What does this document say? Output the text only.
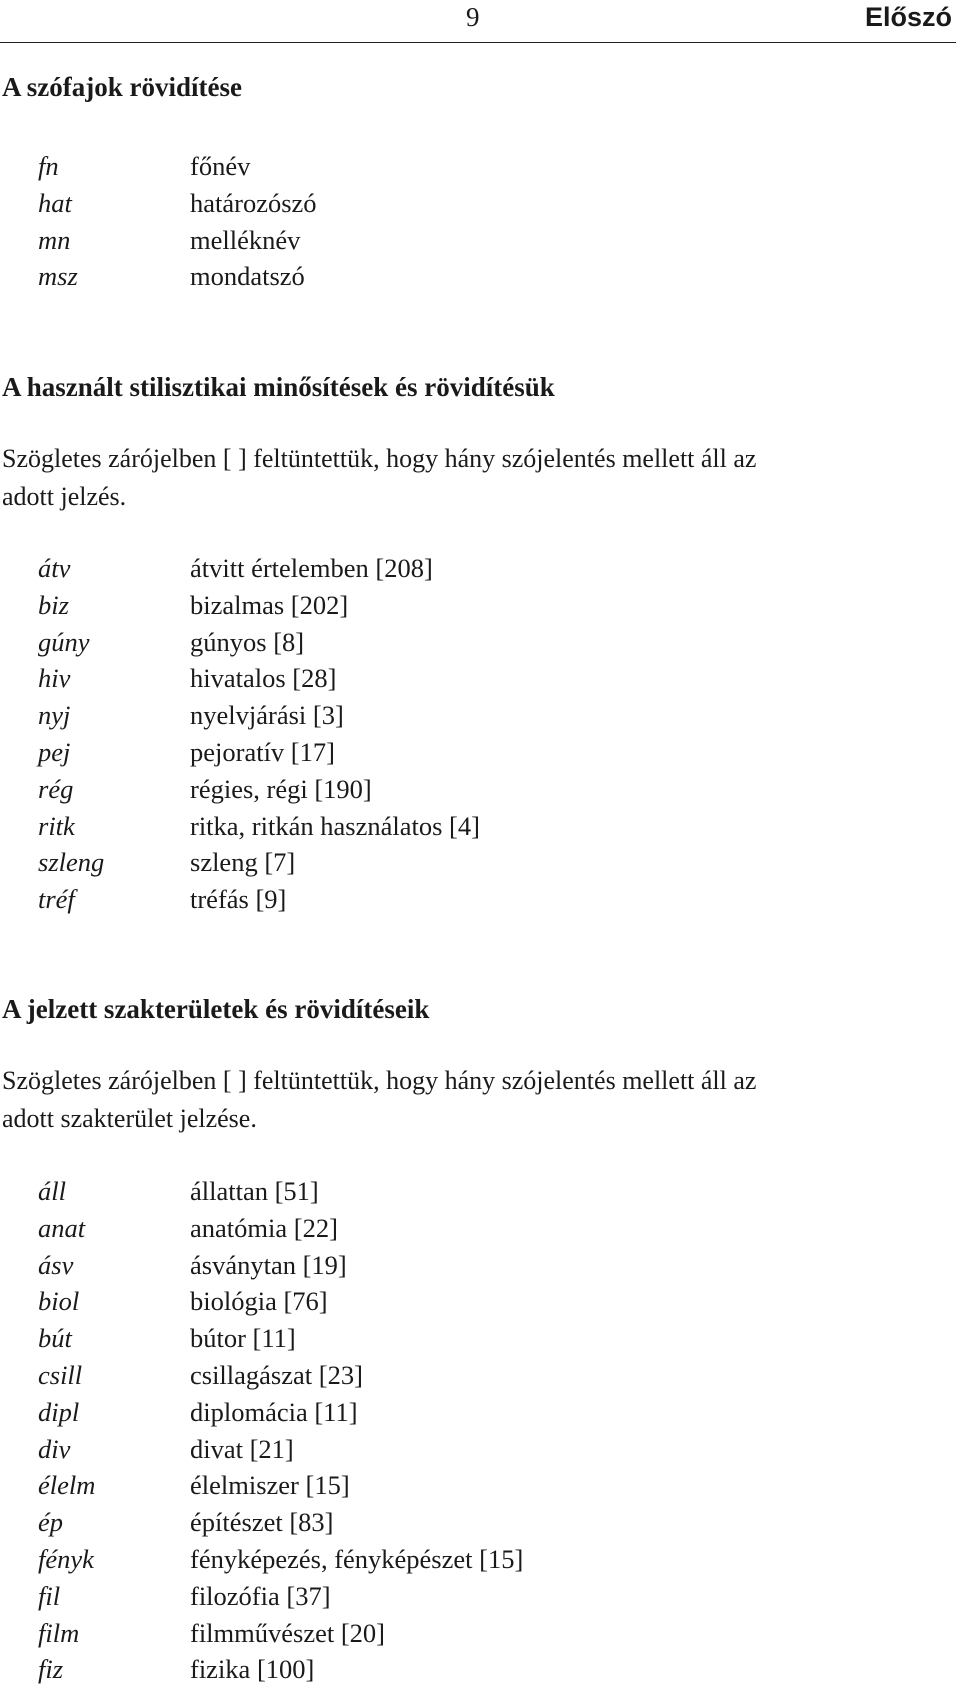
9	Előszó
A szófajok rövidítése
fn	főnév
hat	határozószó
mn	melléknév
msz	mondatszó
A használt stilisztikai minősítések és rövidítésük
Szögletes zárójelben [ ] feltüntettük, hogy hány szójelentés mellett áll az
adott jelzés.
átv	átvitt értelemben [208]
biz	bizalmas [202]
gúny	gúnyos [8]
hiv	hivatalos [28]
nyj	nyelvjárási [3]
pej	pejoratív [17]
rég	régies, régi [190]
ritk	ritka, ritkán használatos [4]
szleng	szleng [7]
tréf	tréfás [9]
A jelzett szakterületek és rövidítéseik
Szögletes zárójelben [ ] feltüntettük, hogy hány szójelentés mellett áll az
adott szakterület jelzése.
áll	állattan [51]
anat	anatómia [22]
ásv	ásványtan [19]
biol	biológia [76]
bút	bútor [11]
csill	csillagászat [23]
dipl	diplomácia [11]
div	divat [21]
élelm	élelmiszer [15]
ép	építészet [83]
fényk	fényképezés, fényképészet [15]
fil	filozófia [37]
film	filmművészet [20]
fiz	fizika [100]
